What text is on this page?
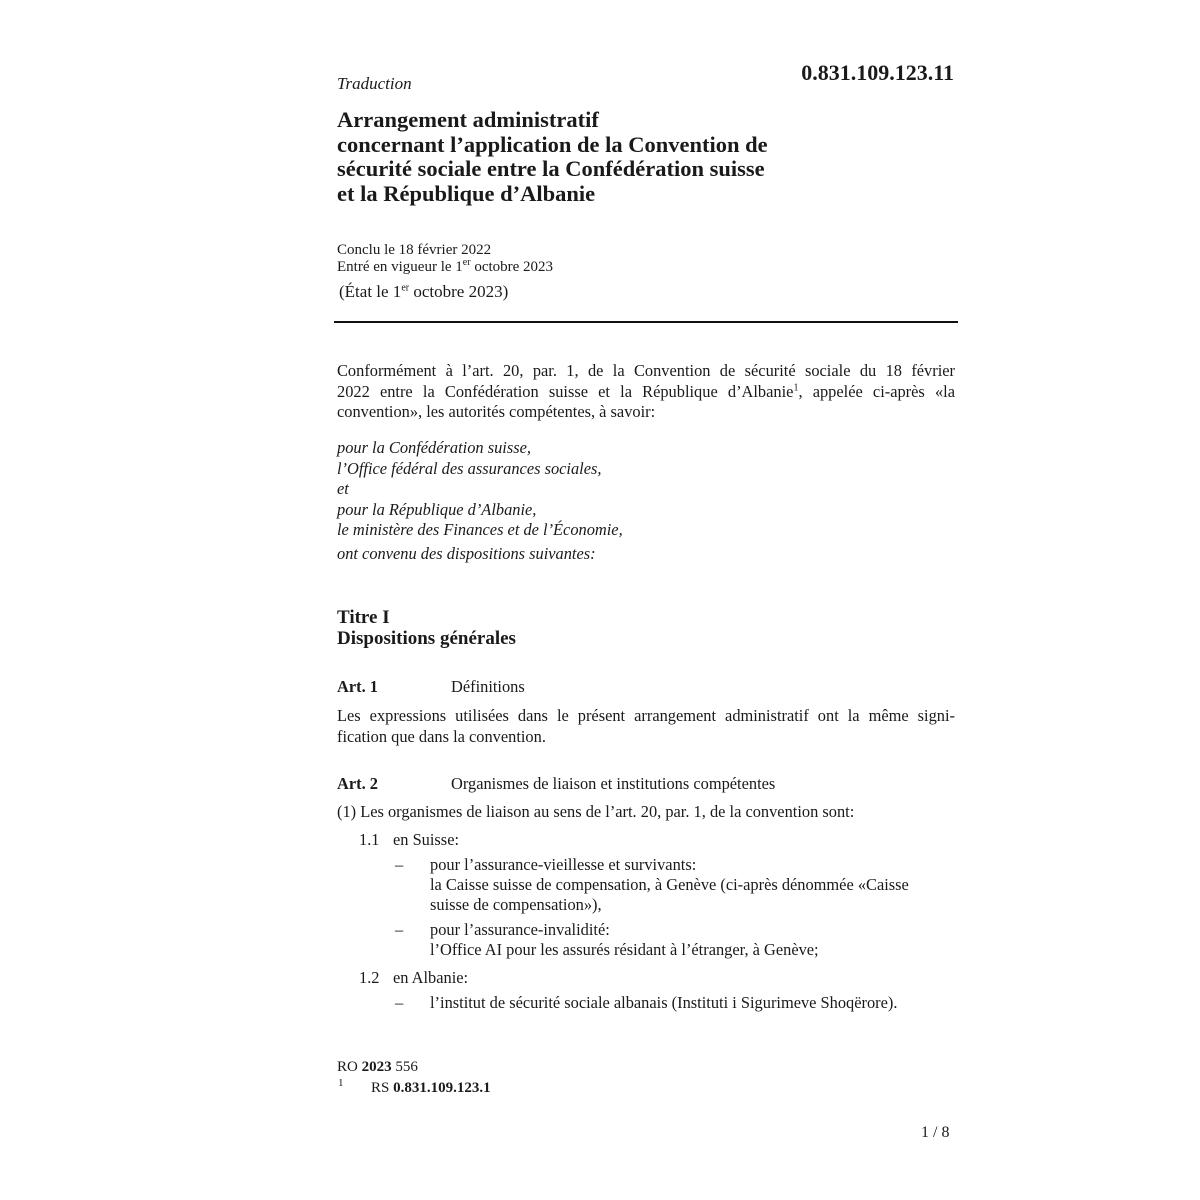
Traduction	0.831.109.123.11
Arrangement administratif
concernant l’application de la Convention de
sécurité sociale entre la Confédération suisse
et la République d’Albanie
Conclu le 18 février 2022
Entré en vigueur le 1er octobre 2023
(État le 1er octobre 2023)
Conformément à l’art. 20, par. 1, de la Convention de sécurité sociale du 18 février
2022 entre la Confédération suisse et la République d’Albanie$^1$, appelée ci-après «la
convention», les autorités compétentes, à savoir:
pour la Confédération suisse,
l’Office fédéral des assurances sociales,
et
pour la République d’Albanie,
le ministère des Finances et de l’Économie,
ont convenu des dispositions suivantes:
Titre I
Dispositions générales
Art. 1	Définitions
Les expressions utilisées dans le présent arrangement administratif ont la même signi-
fication que dans la convention.
Art. 2	Organismes de liaison et institutions compétentes
(1) Les organismes de liaison au sens de l’art. 20, par. 1, de la convention sont:
1.1 en Suisse:
– pour l’assurance-vieillesse et survivants:
la Caisse suisse de compensation, à Genève (ci-après dénommée «Caisse
suisse de compensation»),
– pour l’assurance-invalidité:
l’Office AI pour les assurés résidant à l’étranger, à Genève;
1.2 en Albanie:
– l’institut de sécurité sociale albanais (Instituti i Sigurimeve Shoqërore).
RO 2023 556
1 RS 0.831.109.123.1
1 / 8
